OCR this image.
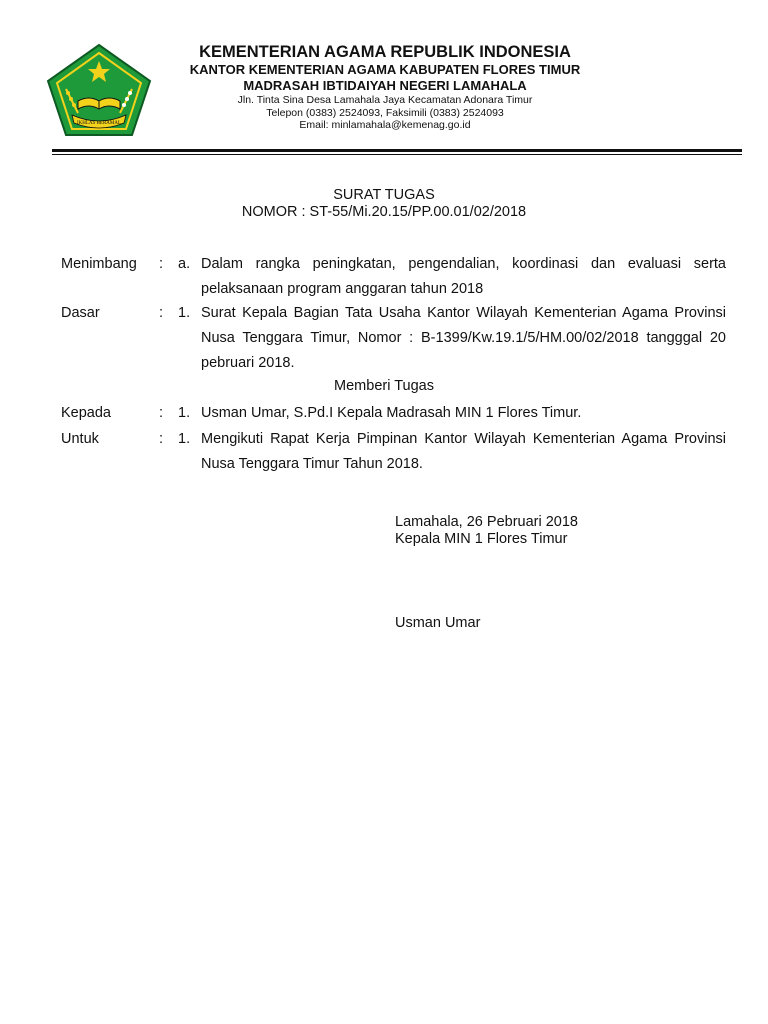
IKHLAS BERAMAL
KEMENTERIAN AGAMA REPUBLIK INDONESIA
KANTOR KEMENTERIAN AGAMA KABUPATEN FLORES TIMUR
MADRASAH IBTIDAIYAH NEGERI LAMAHALA
Jln. Tinta Sina Desa Lamahala Jaya Kecamatan Adonara Timur
Telepon (0383) 2524093, Faksimili (0383) 2524093
Email: minlamahala@kemenag.go.id
SURAT TUGAS
NOMOR : ST-55/Mi.20.15/PP.00.01/02/2018
Menimbang : a. Dalam rangka peningkatan, pengendalian, koordinasi dan evaluasi serta pelaksanaan program anggaran tahun 2018
Dasar	: 1. Surat Kepala Bagian Tata Usaha Kantor Wilayah Kementerian Agama Provinsi Nusa Tenggara Timur, Nomor : B-1399/Kw.19.1/5/HM.00/02/2018 tangggal 20 pebruari 2018.
Memberi Tugas
Kepada	: 1. Usman Umar, S.Pd.I Kepala Madrasah MIN 1 Flores Timur.
Untuk	: 1. Mengikuti Rapat Kerja Pimpinan Kantor Wilayah Kementerian Agama Provinsi Nusa Tenggara Timur Tahun 2018.
Lamahala, 26 Pebruari 2018
Kepala MIN 1 Flores Timur
Usman Umar
